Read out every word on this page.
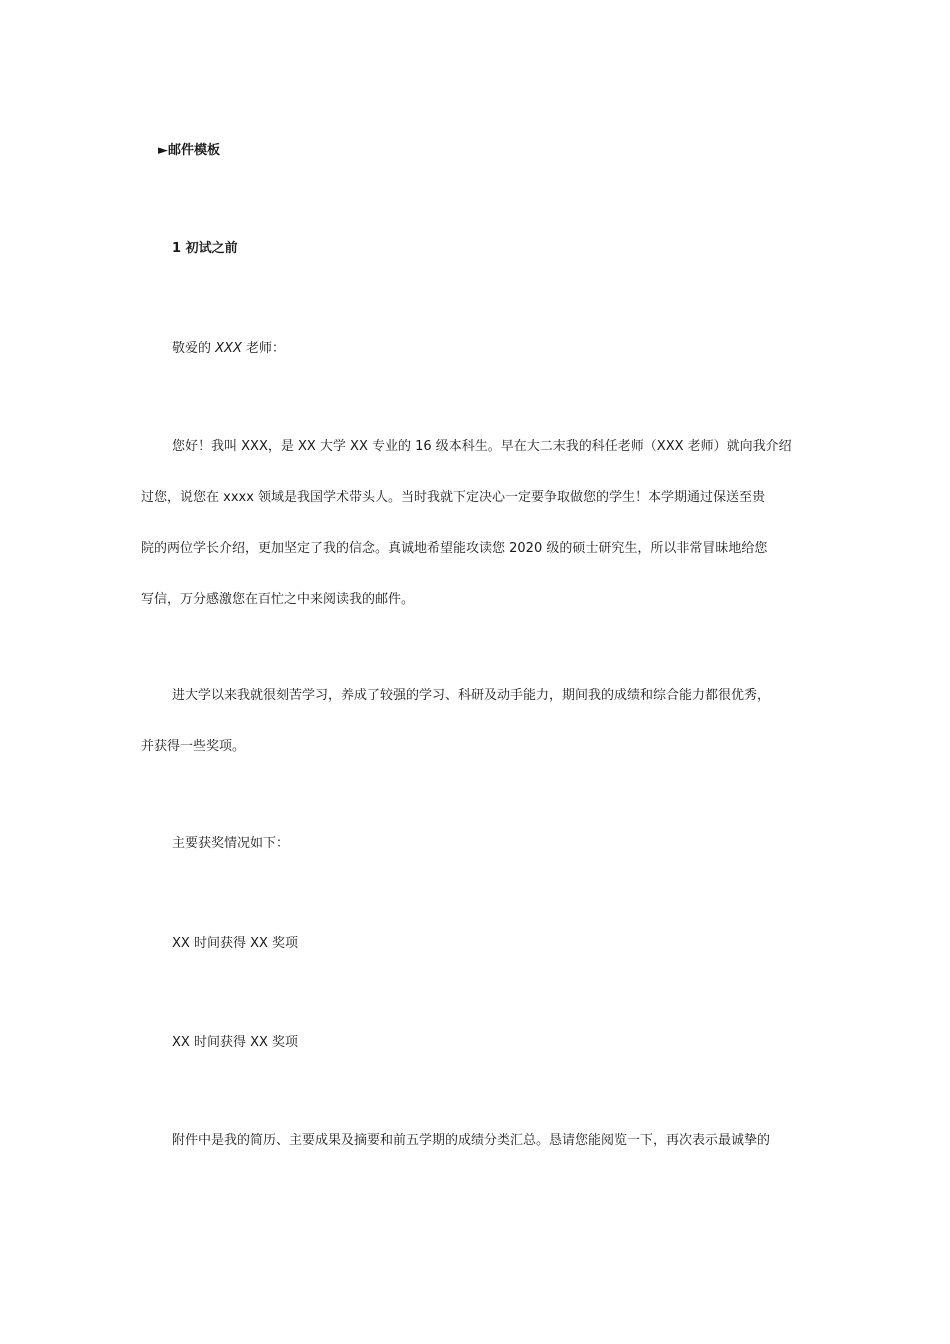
►邮件模板

1 初试之前

敬爱的 XXX 老师：

您好！我叫 XXX，是 XX 大学 XX 专业的 16 级本科生。早在大二末我的科任老师（XXX 老师）就向我介绍
过您，说您在 xxxx 领域是我国学术带头人。当时我就下定决心一定要争取做您的学生！本学期通过保送至贵
院的两位学长介绍，更加坚定了我的信念。真诚地希望能攻读您 2020 级的硕士研究生，所以非常冒昧地给您
写信，万分感激您在百忙之中来阅读我的邮件。

进大学以来我就很刻苦学习，养成了较强的学习、科研及动手能力，期间我的成绩和综合能力都很优秀，
并获得一些奖项。

主要获奖情况如下：

XX 时间获得 XX 奖项

XX 时间获得 XX 奖项

附件中是我的简历、主要成果及摘要和前五学期的成绩分类汇总。恳请您能阅览一下，再次表示最诚挚的
